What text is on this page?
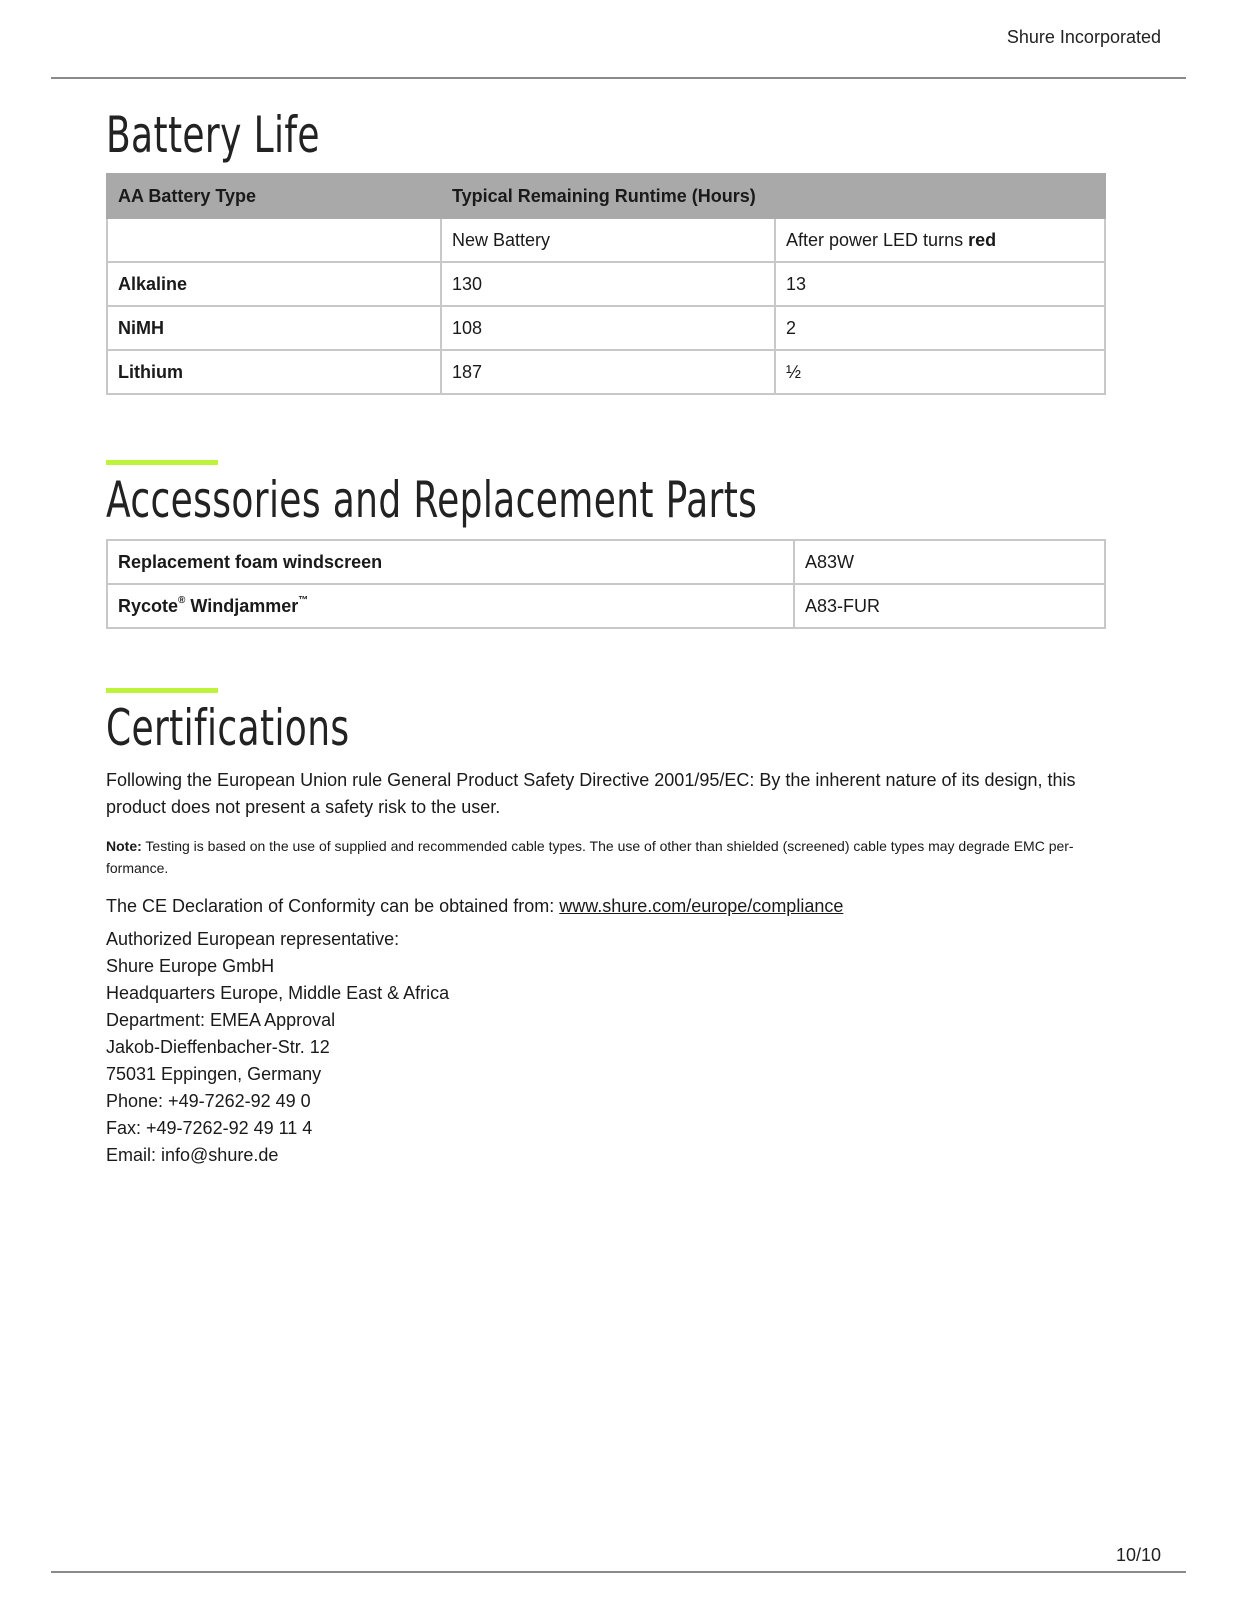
Shure Incorporated
Battery Life
AA Battery Type	Typical Remaining Runtime (Hours)	
	New Battery	After power LED turns red
Alkaline	130	13
NiMH	108	2
Lithium	187	½
Accessories and Replacement Parts
Replacement foam windscreen	A83W
Rycote® Windjammer™	A83-FUR
Certifications

Following the European Union rule General Product Safety Directive 2001/95/EC: By the inherent nature of its design, this product does not present a safety risk to the user.

Note: Testing is based on the use of supplied and recommended cable types. The use of other than shielded (screened) cable types may degrade EMC per-formance.

The CE Declaration of Conformity can be obtained from: www.shure.com/europe/compliance

Authorized European representative:
Shure Europe GmbH
Headquarters Europe, Middle East & Africa
Department: EMEA Approval
Jakob-Dieffenbacher-Str. 12
75031 Eppingen, Germany
Phone: +49-7262-92 49 0
Fax: +49-7262-92 49 11 4
Email: info@shure.de
10/10
